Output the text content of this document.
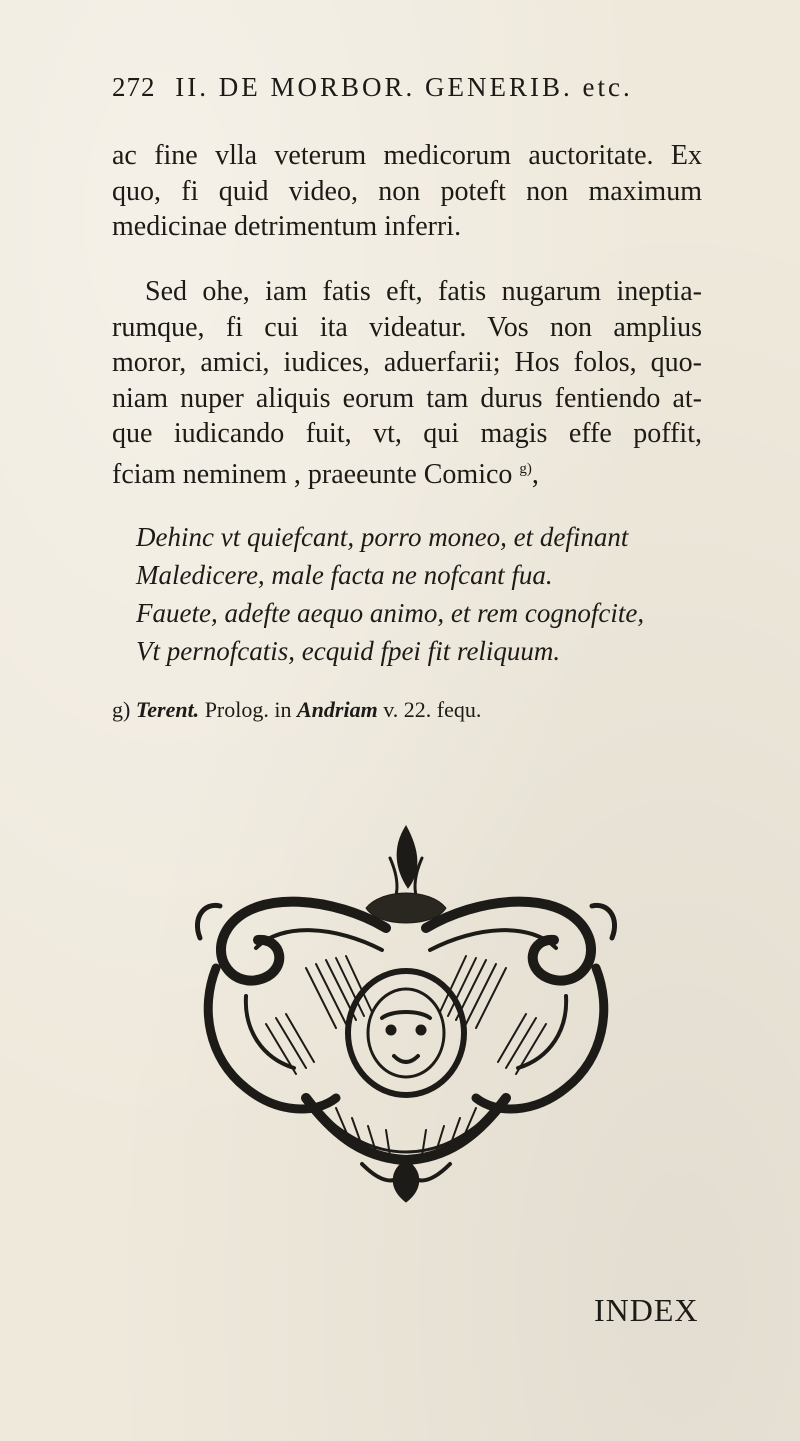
272 II. DE MORBOR. GENERIB. etc.
ac fine vlla veterum medicorum auctoritate. Ex
quo, fi quid video, non poteft non maximum
medicinae detrimentum inferri.
Sed ohe, iam fatis eft, fatis nugarum ineptia-
rumque, fi cui ita videatur. Vos non amplius
moror, amici, iudices, aduerfarii; Hos folos, quo-
niam nuper aliquis eorum tam durus fentiendo at-
que iudicando fuit, vt, qui magis effe poffit,
fciam neminem , praeeunte Comico $^{g)}$,
Dehinc vt quiefcant, porro moneo, et definant
Maledicere, male facta ne nofcant fua.
Fauete, adefte aequo animo, et rem cognofcite,
Vt pernofcatis, ecquid fpei fit reliquum.
g) Terent. Prolog. in Andriam v. 22. fequ.
INDEX
